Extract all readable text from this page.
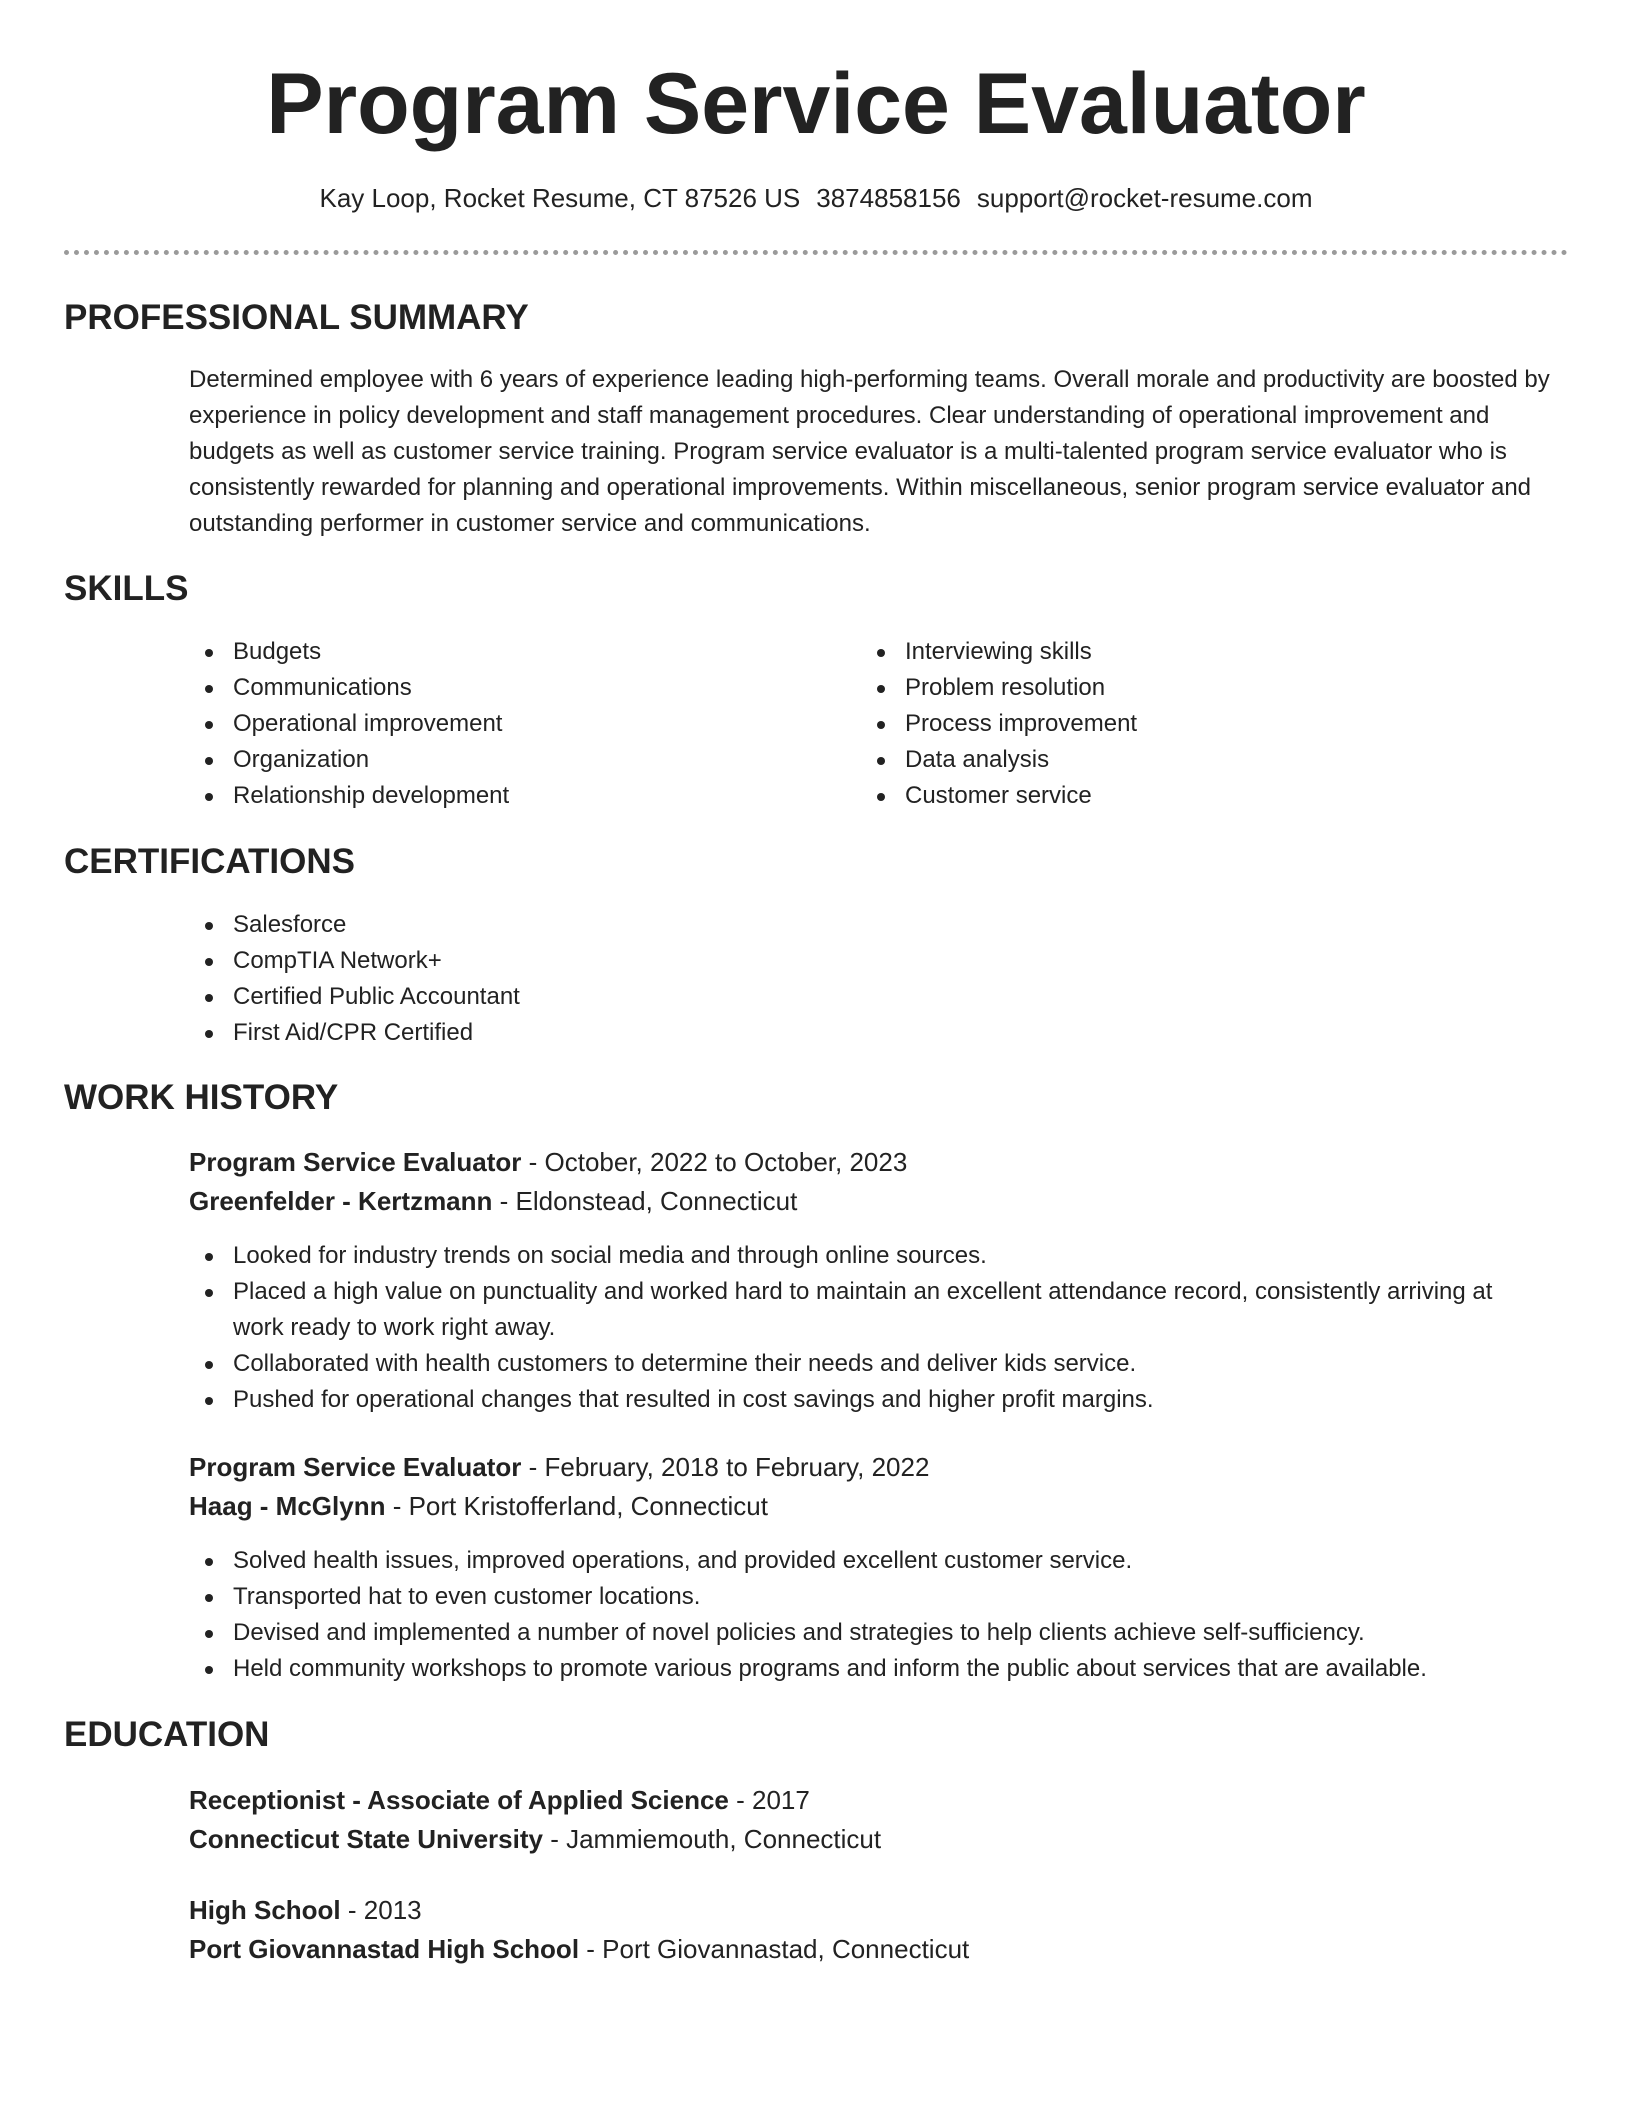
Program Service Evaluator
Kay Loop, Rocket Resume, CT 87526 US 3874858156 support@rocket-resume.com
PROFESSIONAL SUMMARY

Determined employee with 6 years of experience leading high-performing teams. Overall morale and productivity are boosted by experience in policy development and staff management procedures. Clear understanding of operational improvement and budgets as well as customer service training. Program service evaluator is a multi-talented program service evaluator who is consistently rewarded for planning and operational improvements. Within miscellaneous, senior program service evaluator and outstanding performer in customer service and communications.

SKILLS
Budgets
Communications
Operational improvement
Organization
Relationship development
Interviewing skills
Problem resolution
Process improvement
Data analysis
Customer service
CERTIFICATIONS
Salesforce
CompTIA Network+
Certified Public Accountant
First Aid/CPR Certified
WORK HISTORY
Program Service Evaluator - October, 2022 to October, 2023
Greenfelder - Kertzmann - Eldonstead, Connecticut
Looked for industry trends on social media and through online sources.
Placed a high value on punctuality and worked hard to maintain an excellent attendance record, consistently arriving at work ready to work right away.
Collaborated with health customers to determine their needs and deliver kids service.
Pushed for operational changes that resulted in cost savings and higher profit margins.
Program Service Evaluator - February, 2018 to February, 2022
Haag - McGlynn - Port Kristofferland, Connecticut
Solved health issues, improved operations, and provided excellent customer service.
Transported hat to even customer locations.
Devised and implemented a number of novel policies and strategies to help clients achieve self-sufficiency.
Held community workshops to promote various programs and inform the public about services that are available.
EDUCATION
Receptionist - Associate of Applied Science - 2017
Connecticut State University - Jammiemouth, Connecticut
High School - 2013
Port Giovannastad High School - Port Giovannastad, Connecticut
